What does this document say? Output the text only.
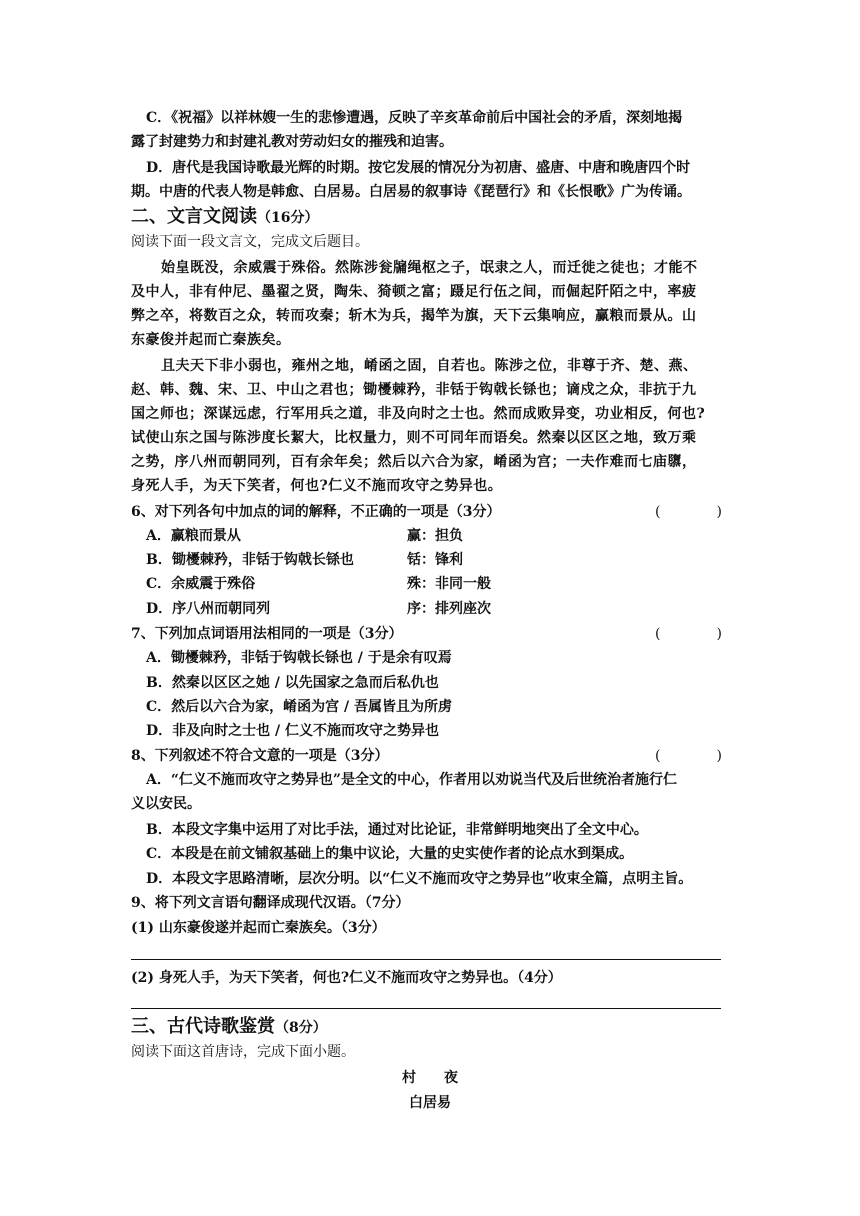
C．《祝福》以祥林嫂一生的悲惨遭遇，反映了辛亥革命前后中国社会的矛盾，深刻地揭
露了封建势力和封建礼教对劳动妇女的摧残和迫害。
D．唐代是我国诗歌最光辉的时期。按它发展的情况分为初唐、盛唐、中唐和晚唐四个时
期。中唐的代表人物是韩愈、白居易。白居易的叙事诗《琵琶行》和《长恨歌》广为传诵。
二、文言文阅读（16分）
阅读下面一段文言文，完成文后题目。
始皇既没，余威震于殊俗。然陈涉瓮牖绳枢之子，氓隶之人，而迁徙之徒也；才能不
及中人，非有仲尼、墨翟之贤，陶朱、猗顿之富；蹑足行伍之间，而倔起阡陌之中，率疲
弊之卒，将数百之众，转而攻秦；斩木为兵，揭竿为旗，天下云集响应，赢粮而景从。山
东豪俊并起而亡秦族矣。
且夫天下非小弱也，雍州之地，崤函之固，自若也。陈涉之位，非尊于齐、楚、燕、
赵、韩、魏、宋、卫、中山之君也；锄櫌棘矜，非铦于钩戟长铩也；谪戍之众，非抗于九
国之师也；深谋远虑，行军用兵之道，非及向时之士也。然而成败异变，功业相反，何也?
试使山东之国与陈涉度长絜大，比权量力，则不可同年而语矣。然秦以区区之地，致万乘
之势，序八州而朝同列，百有余年矣；然后以六合为家，崤函为宫；一夫作难而七庙隳，
身死人手，为天下笑者，何也?仁义不施而攻守之势异也。
6、对下列各句中加点的词的解释，不正确的一项是（3分）	(　　　　)
A．赢粮而景从	赢：担负
B．锄櫌棘矜，非铦于钩戟长铩也	铦：锋利
C．余威震于殊俗	殊：非同一般
D．序八州而朝同列	序：排列座次
7、下列加点词语用法相同的一项是（3分）	(　　　　)
A．锄櫌棘矜，非铦于钩戟长铩也 / 于是余有叹焉
B．然秦以区区之她 / 以先国家之急而后私仇也
C．然后以六合为家，崤函为宫 / 吾属皆且为所虏
D．非及向时之士也 / 仁义不施而攻守之势异也
8、下列叙述不符合文意的一项是（3分）	(　　　　)
A．“仁义不施而攻守之势异也”是全文的中心，作者用以劝说当代及后世统治者施行仁
义以安民。
B．本段文字集中运用了对比手法，通过对比论证，非常鲜明地突出了全文中心。
C．本段是在前文铺叙基础上的集中议论，大量的史实使作者的论点水到渠成。
D．本段文字思路清晰，层次分明。以“仁义不施而攻守之势异也”收束全篇，点明主旨。
9、将下列文言语句翻译成现代汉语。（7分）
(1) 山东豪俊遂并起而亡秦族矣。（3分）
(2) 身死人手，为天下笑者，何也?仁义不施而攻守之势异也。（4分）
三、古代诗歌鉴赏（8分）
阅读下面这首唐诗，完成下面小题。
村　　夜
白居易
